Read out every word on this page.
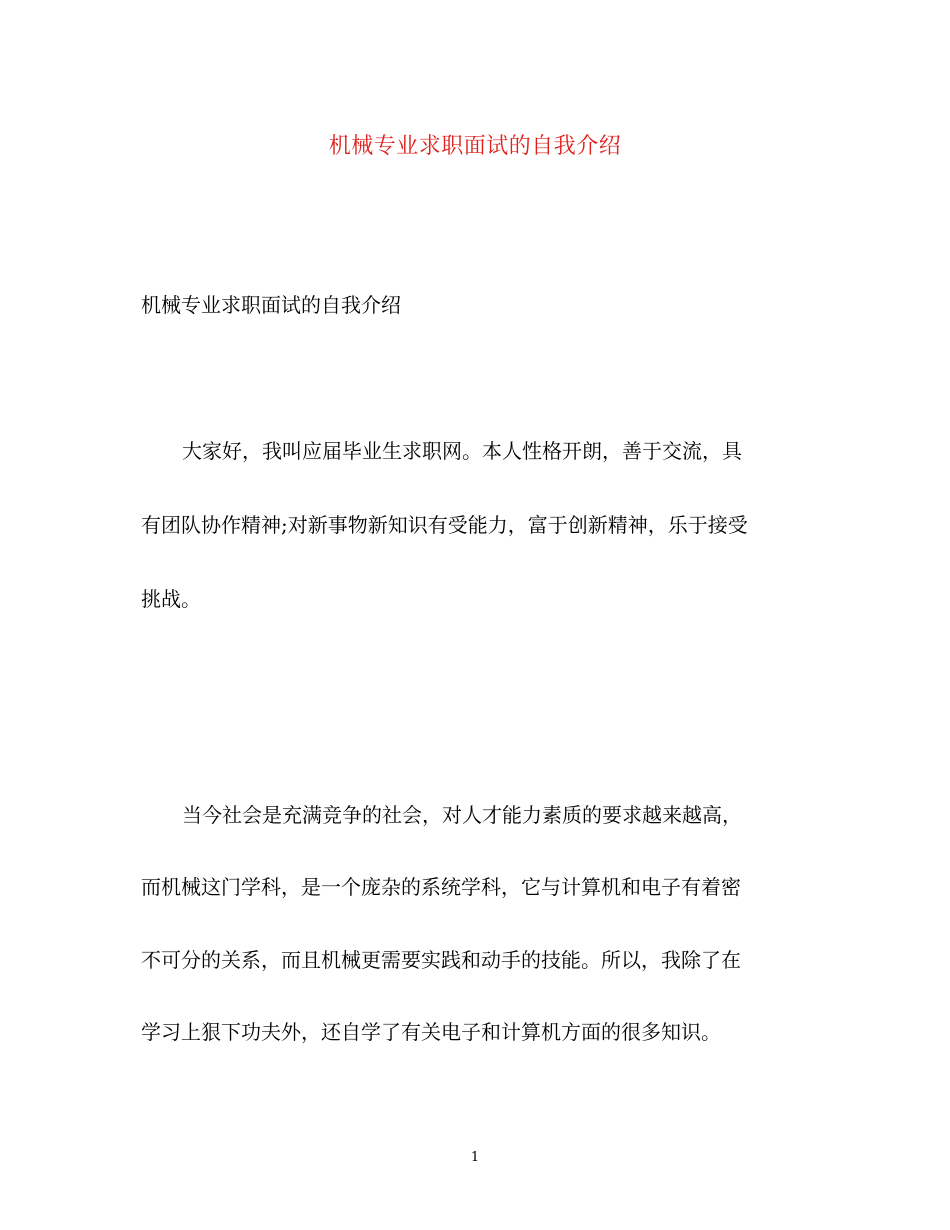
机械专业求职面试的自我介绍
机械专业求职面试的自我介绍
大家好，我叫应届毕业生求职网。本人性格开朗，善于交流，具
有团队协作精神;对新事物新知识有受能力，富于创新精神，乐于接受
挑战。
当今社会是充满竞争的社会，对人才能力素质的要求越来越高，
而机械这门学科，是一个庞杂的系统学科，它与计算机和电子有着密
不可分的关系，而且机械更需要实践和动手的技能。所以，我除了在
学习上狠下功夫外，还自学了有关电子和计算机方面的很多知识。
1
